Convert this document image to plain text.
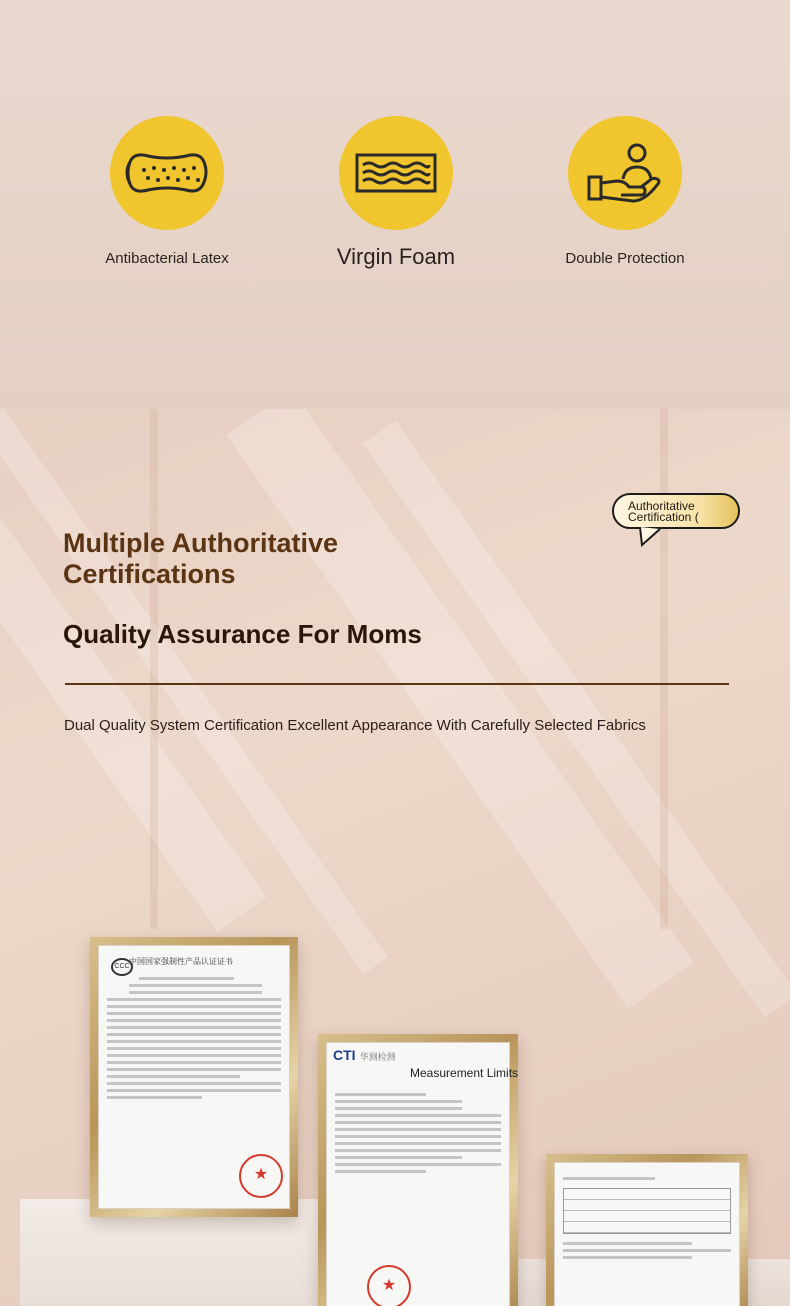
Antibacterial Latex	Virgin Foam	Double Protection
Multiple Authoritative Certifications
Quality Assurance For Moms
Dual Quality System Certification Excellent Appearance With Carefully Selected Fabrics
Authoritative Certification (
CCC
中国国家强制性产品认证证书
★
CTI 华测检测
★
Measurement Limits
